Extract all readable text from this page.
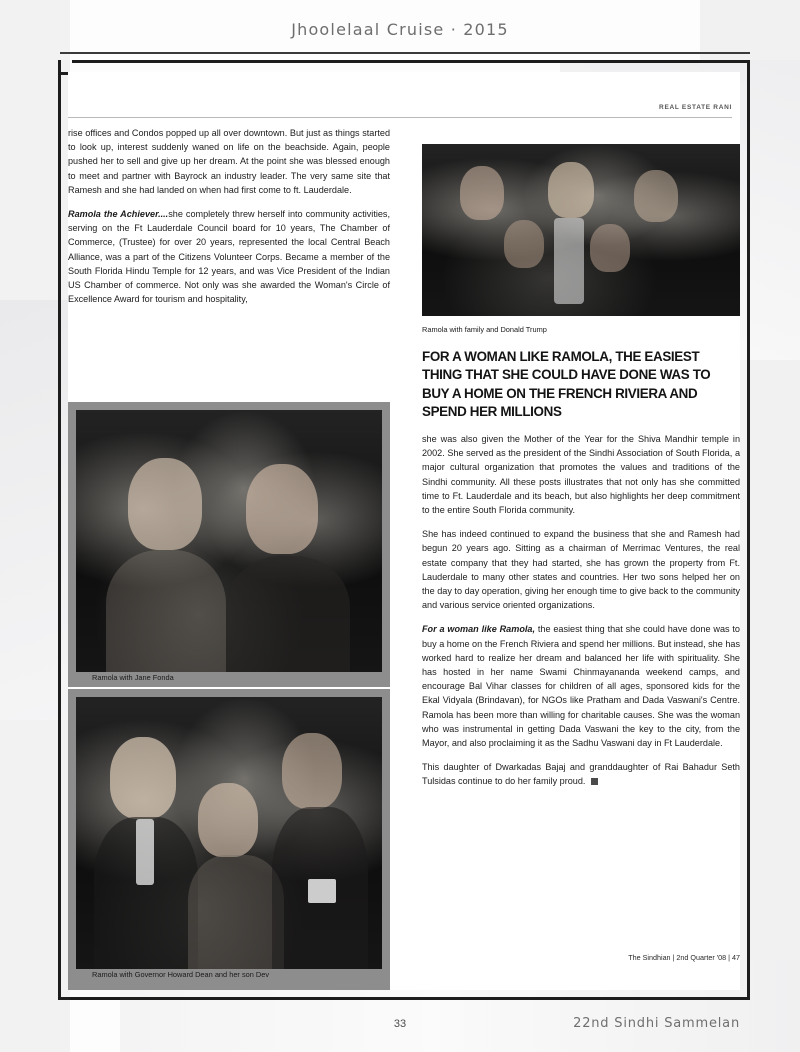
Jhoolelaal Cruise · 2015
REAL ESTATE RANI

rise offices and Condos popped up all over downtown. But just as things started to look up, interest suddenly waned on life on the beachside. Again, people pushed her to sell and give up her dream. At the point she was blessed enough to meet and partner with Bayrock an industry leader. The very same site that Ramesh and she had landed on when had first come to ft. Lauderdale.

Ramola the Achiever....she completely threw herself into community activities, serving on the Ft Lauderdale Council board for 10 years, The Chamber of Commerce, (Trustee) for over 20 years, represented the local Central Beach Alliance, was a part of the Citizens Volunteer Corps. Became a member of the South Florida Hindu Temple for 12 years, and was Vice President of the Indian US Chamber of commerce. Not only was she awarded the Woman's Circle of Excellence Award for tourism and hospitality,

Ramola with family and Donald Trump
FOR A WOMAN LIKE RAMOLA, THE EASIEST THING THAT SHE COULD HAVE DONE WAS TO BUY A HOME ON THE FRENCH RIVIERA AND SPEND HER MILLIONS

she was also given the Mother of the Year for the Shiva Mandhir temple in 2002. She served as the president of the Sindhi Association of South Florida, a major cultural organization that promotes the values and traditions of the Sindhi community. All these posts illustrates that not only has she committed time to Ft. Lauderdale and its beach, but also highlights her deep commitment to the entire South Florida community.

She has indeed continued to expand the business that she and Ramesh had begun 20 years ago. Sitting as a chairman of Merrimac Ventures, the real estate company that they had started, she has grown the property from Ft. Lauderdale to many other states and countries. Her two sons helped her on the day to day operation, giving her enough time to give back to the community and various service oriented organizations.

For a woman like Ramola, the easiest thing that she could have done was to buy a home on the French Riviera and spend her millions. But instead, she has worked hard to realize her dream and balanced her life with spirituality. She has hosted in her name Swami Chinmayananda weekend camps, and encourage Bal Vihar classes for children of all ages, sponsored kids for the Ekal Vidyala (Brindavan), for NGOs like Pratham and Dada Vaswani's Centre. Ramola has been more than willing for charitable causes. She was the woman who was instrumental in getting Dada Vaswani the key to the city, from the Mayor, and also proclaiming it as the Sadhu Vaswani day in Ft Lauderdale.

This daughter of Dwarkadas Bajaj and granddaughter of Rai Bahadur Seth Tulsidas continue to do her family proud.

The Sindhian | 2nd Quarter '08 | 47
Ramola with Jane Fonda
Ramola with Governor Howard Dean and her son Dev
33	22nd Sindhi Sammelan
